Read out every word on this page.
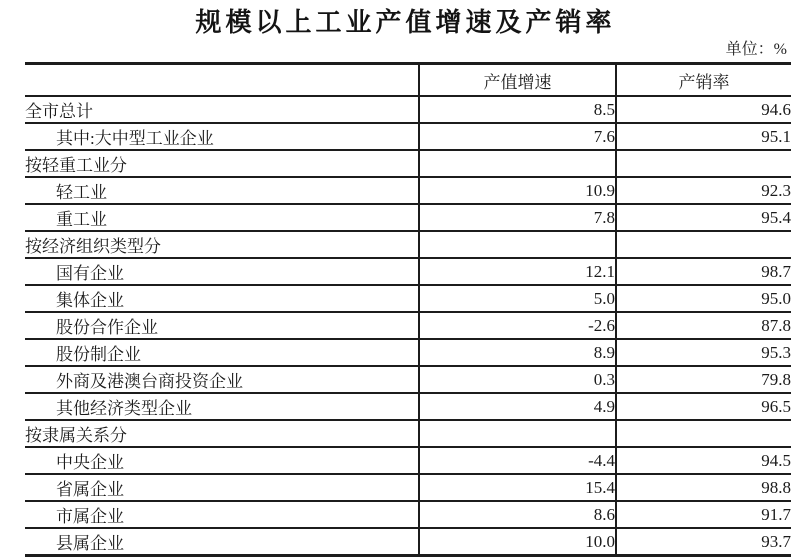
规模以上工业产值增速及产销率
单位：%
	产值增速	产销率
全市总计	8.5	94.6
其中:大中型工业企业	7.6	95.1
按轻重工业分		
轻工业	10.9	92.3
重工业	7.8	95.4
按经济组织类型分		
国有企业	12.1	98.7
集体企业	5.0	95.0
股份合作企业	-2.6	87.8
股份制企业	8.9	95.3
外商及港澳台商投资企业	0.3	79.8
其他经济类型企业	4.9	96.5
按隶属关系分		
中央企业	-4.4	94.5
省属企业	15.4	98.8
市属企业	8.6	91.7
县属企业	10.0	93.7
